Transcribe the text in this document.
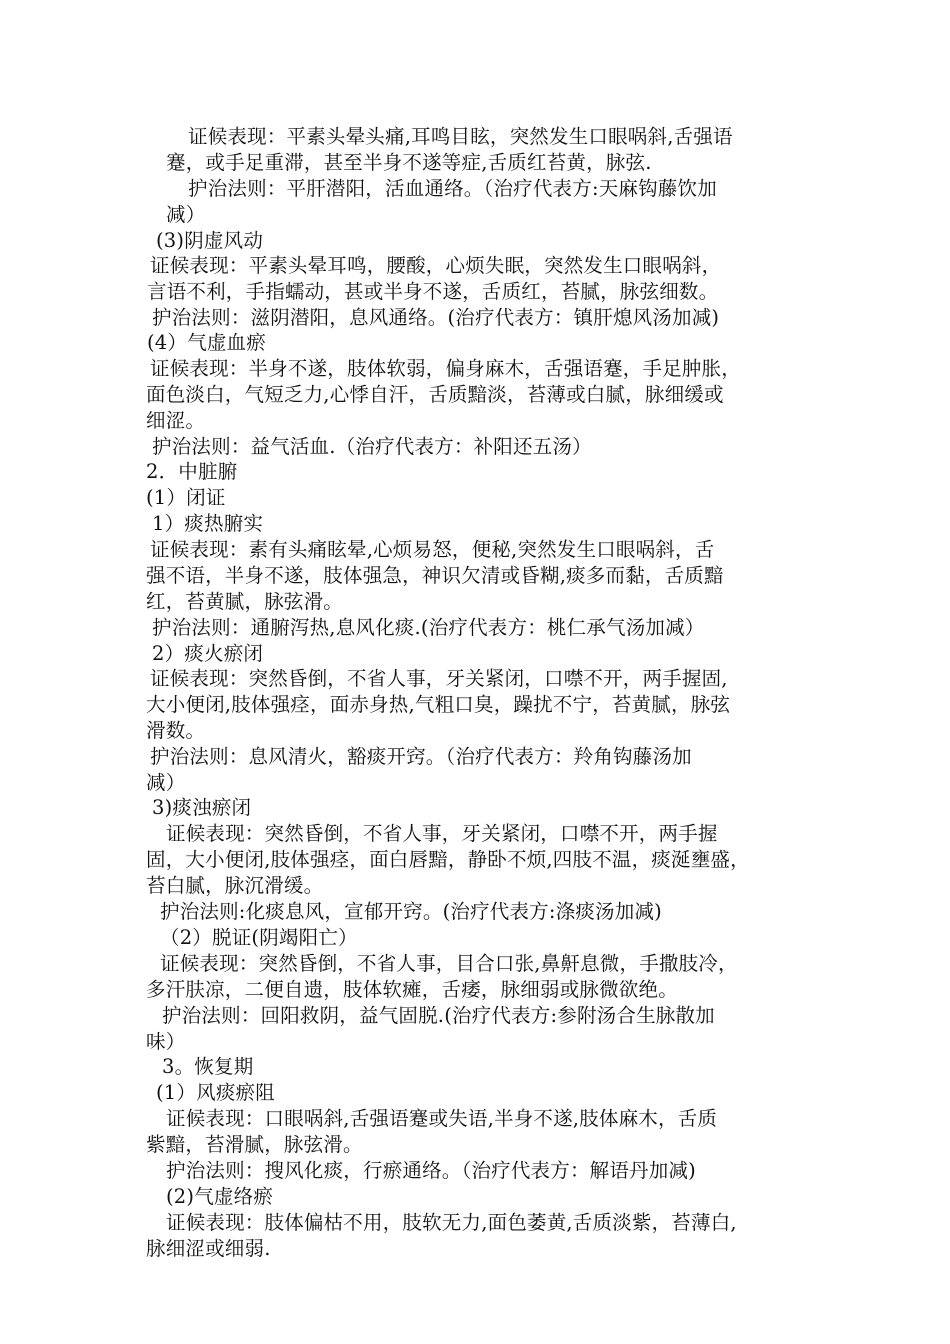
证候表现：平素头晕头痛,耳鸣目眩，突然发生口眼㖞斜,舌强语
蹇，或手足重滞，甚至半身不遂等症,舌质红苔黄，脉弦.
护治法则：平肝潜阳，活血通络。（治疗代表方:天麻钩藤饮加
减）
(3)阴虚风动
证候表现：平素头晕耳鸣，腰酸，心烦失眠，突然发生口眼㖞斜，
言语不利，手指蠕动，甚或半身不遂，舌质红，苔腻，脉弦细数。
护治法则：滋阴潜阳，息风通络。(治疗代表方：镇肝熄风汤加减)
(4）气虚血瘀
证候表现：半身不遂，肢体软弱，偏身麻木，舌强语蹇，手足肿胀，
面色淡白，气短乏力,心悸自汗，舌质黯淡，苔薄或白腻，脉细缓或
细涩。
护治法则：益气活血.（治疗代表方：补阳还五汤）
2．中脏腑
(1）闭证
1）痰热腑实
证候表现：素有头痛眩晕,心烦易怒，便秘,突然发生口眼㖞斜，舌
强不语，半身不遂，肢体强急，神识欠清或昏糊,痰多而黏，舌质黯
红，苔黄腻，脉弦滑。
护治法则：通腑泻热,息风化痰.(治疗代表方：桃仁承气汤加减）
2）痰火瘀闭
证候表现：突然昏倒，不省人事，牙关紧闭，口噤不开，两手握固,
大小便闭,肢体强痉，面赤身热,气粗口臭，躁扰不宁，苔黄腻，脉弦
滑数。
护治法则：息风清火，豁痰开窍。（治疗代表方：羚角钩藤汤加
减）
3)痰浊瘀闭
证候表现：突然昏倒，不省人事，牙关紧闭，口噤不开，两手握
固，大小便闭,肢体强痉，面白唇黯，静卧不烦,四肢不温，痰涎壅盛，
苔白腻，脉沉滑缓。
护治法则:化痰息风，宣郁开窍。(治疗代表方:涤痰汤加减)
（2）脱证(阴竭阳亡）
证候表现：突然昏倒，不省人事，目合口张,鼻鼾息微，手撒肢冷，
多汗肤凉，二便自遗，肢体软瘫，舌痿，脉细弱或脉微欲绝。
护治法则：回阳救阴，益气固脱.(治疗代表方:参附汤合生脉散加
味）
3。恢复期
(1）风痰瘀阻
证候表现：口眼㖞斜,舌强语蹇或失语,半身不遂,肢体麻木，舌质
紫黯，苔滑腻，脉弦滑。
护治法则：搜风化痰，行瘀通络。（治疗代表方：解语丹加减)
(2)气虚络瘀
证候表现：肢体偏枯不用，肢软无力,面色萎黄,舌质淡紫，苔薄白,
脉细涩或细弱.
